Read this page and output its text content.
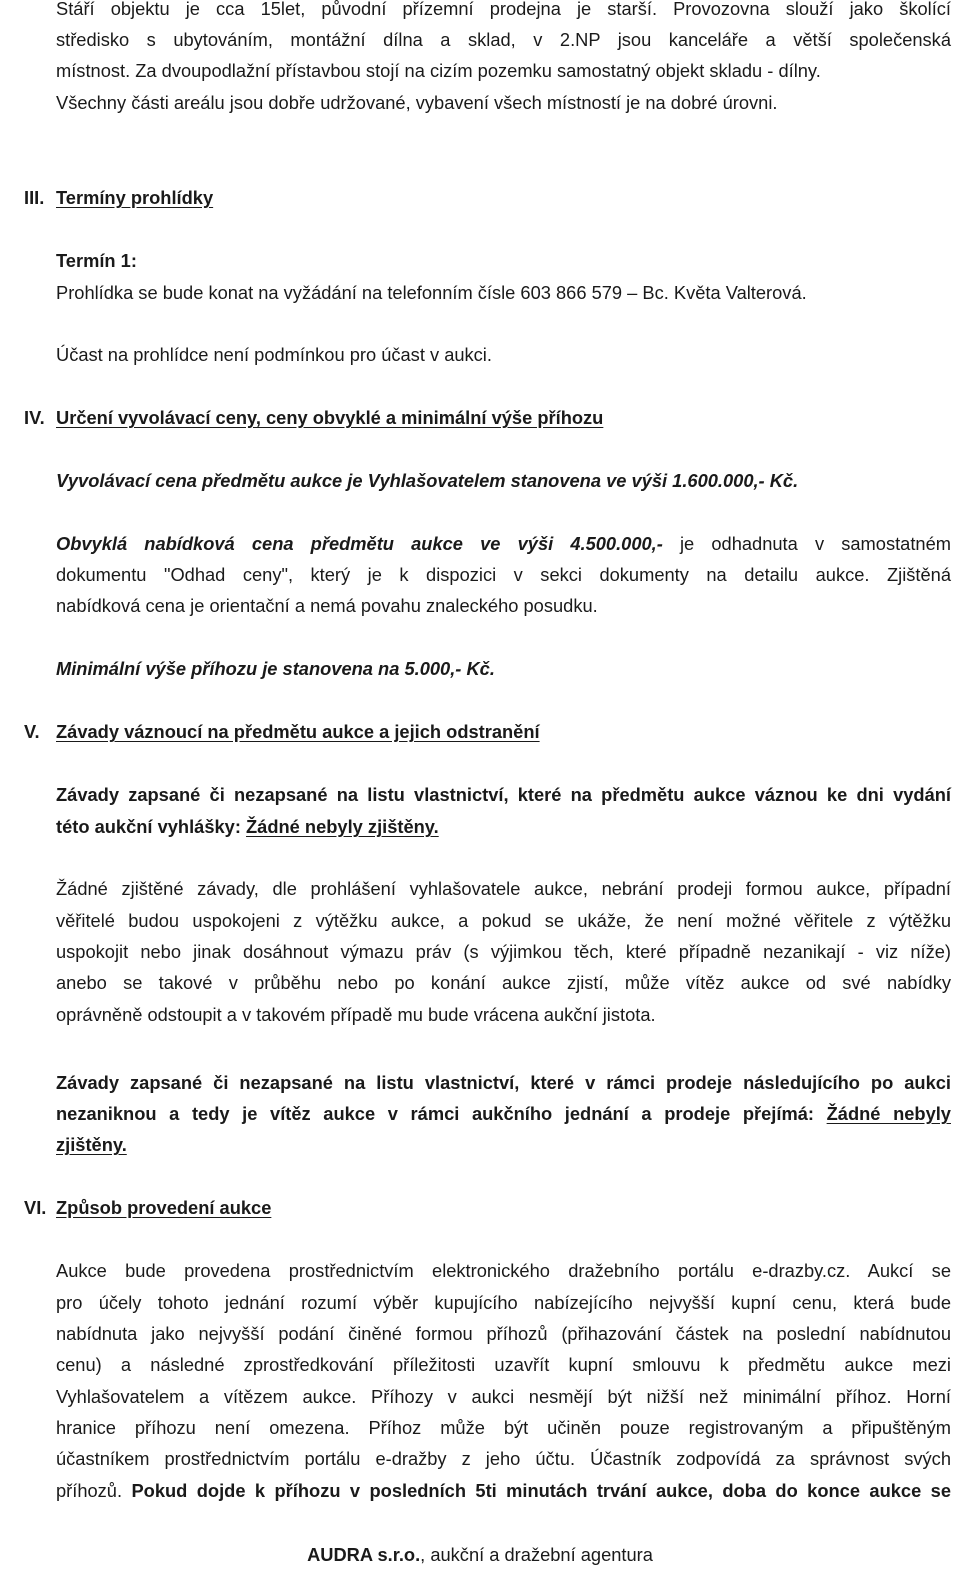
Stáří objektu je cca 15let, původní přízemní prodejna je starší. Provozovna slouží jako školící
středisko s ubytováním, montážní dílna a sklad, v 2.NP jsou kanceláře a větší společenská
místnost. Za dvoupodlažní přístavbou stojí na cizím pozemku samostatný objekt skladu - dílny.
Všechny části areálu jsou dobře udržované, vybavení všech místností je na dobré úrovni.
III. Termíny prohlídky
Termín 1:
Prohlídka se bude konat na vyžádání na telefonním čísle 603 866 579 – Bc. Květa Valterová.
Účast na prohlídce není podmínkou pro účast v aukci.
IV. Určení vyvolávací ceny, ceny obvyklé a minimální výše příhozu
Vyvolávací cena předmětu aukce je Vyhlašovatelem stanovena ve výši 1.600.000,- Kč.
Obvyklá nabídková cena předmětu aukce ve výši 4.500.000,- je odhadnuta v samostatném
dokumentu "Odhad ceny", který je k dispozici v sekci dokumenty na detailu aukce. Zjištěná
nabídková cena je orientační a nemá povahu znaleckého posudku.
Minimální výše příhozu je stanovena na 5.000,- Kč.
V. Závady váznoucí na předmětu aukce a jejich odstranění
Závady zapsané či nezapsané na listu vlastnictví, které na předmětu aukce váznou ke dni vydání
této aukční vyhlášky: Žádné nebyly zjištěny.
Žádné zjištěné závady, dle prohlášení vyhlašovatele aukce, nebrání prodeji formou aukce, případní
věřitelé budou uspokojeni z výtěžku aukce, a pokud se ukáže, že není možné věřitele z výtěžku
uspokojit nebo jinak dosáhnout výmazu práv (s výjimkou těch, které případně nezanikají - viz níže)
anebo se takové v průběhu nebo po konání aukce zjistí, může vítěz aukce od své nabídky
oprávněně odstoupit a v takovém případě mu bude vrácena aukční jistota.
Závady zapsané či nezapsané na listu vlastnictví, které v rámci prodeje následujícího po aukci
nezaniknou a tedy je vítěz aukce v rámci aukčního jednání a prodeje přejímá: Žádné nebyly
zjištěny.
VI. Způsob provedení aukce
Aukce bude provedena prostřednictvím elektronického dražebního portálu e-drazby.cz. Aukcí se
pro účely tohoto jednání rozumí výběr kupujícího nabízejícího nejvyšší kupní cenu, která bude
nabídnuta jako nejvyšší podání činěné formou příhozů (přihazování částek na poslední nabídnutou
cenu) a následné zprostředkování příležitosti uzavřít kupní smlouvu k předmětu aukce mezi
Vyhlašovatelem a vítězem aukce. Příhozy v aukci nesmějí být nižší než minimální příhoz. Horní
hranice příhozu není omezena. Příhoz může být učiněn pouze registrovaným a připuštěným
účastníkem prostřednictvím portálu e-dražby z jeho účtu. Účastník zodpovídá za správnost svých
příhozů. Pokud dojde k příhozu v posledních 5ti minutách trvání aukce, doba do konce aukce se
AUDRA s.r.o., aukční a dražební agentura
